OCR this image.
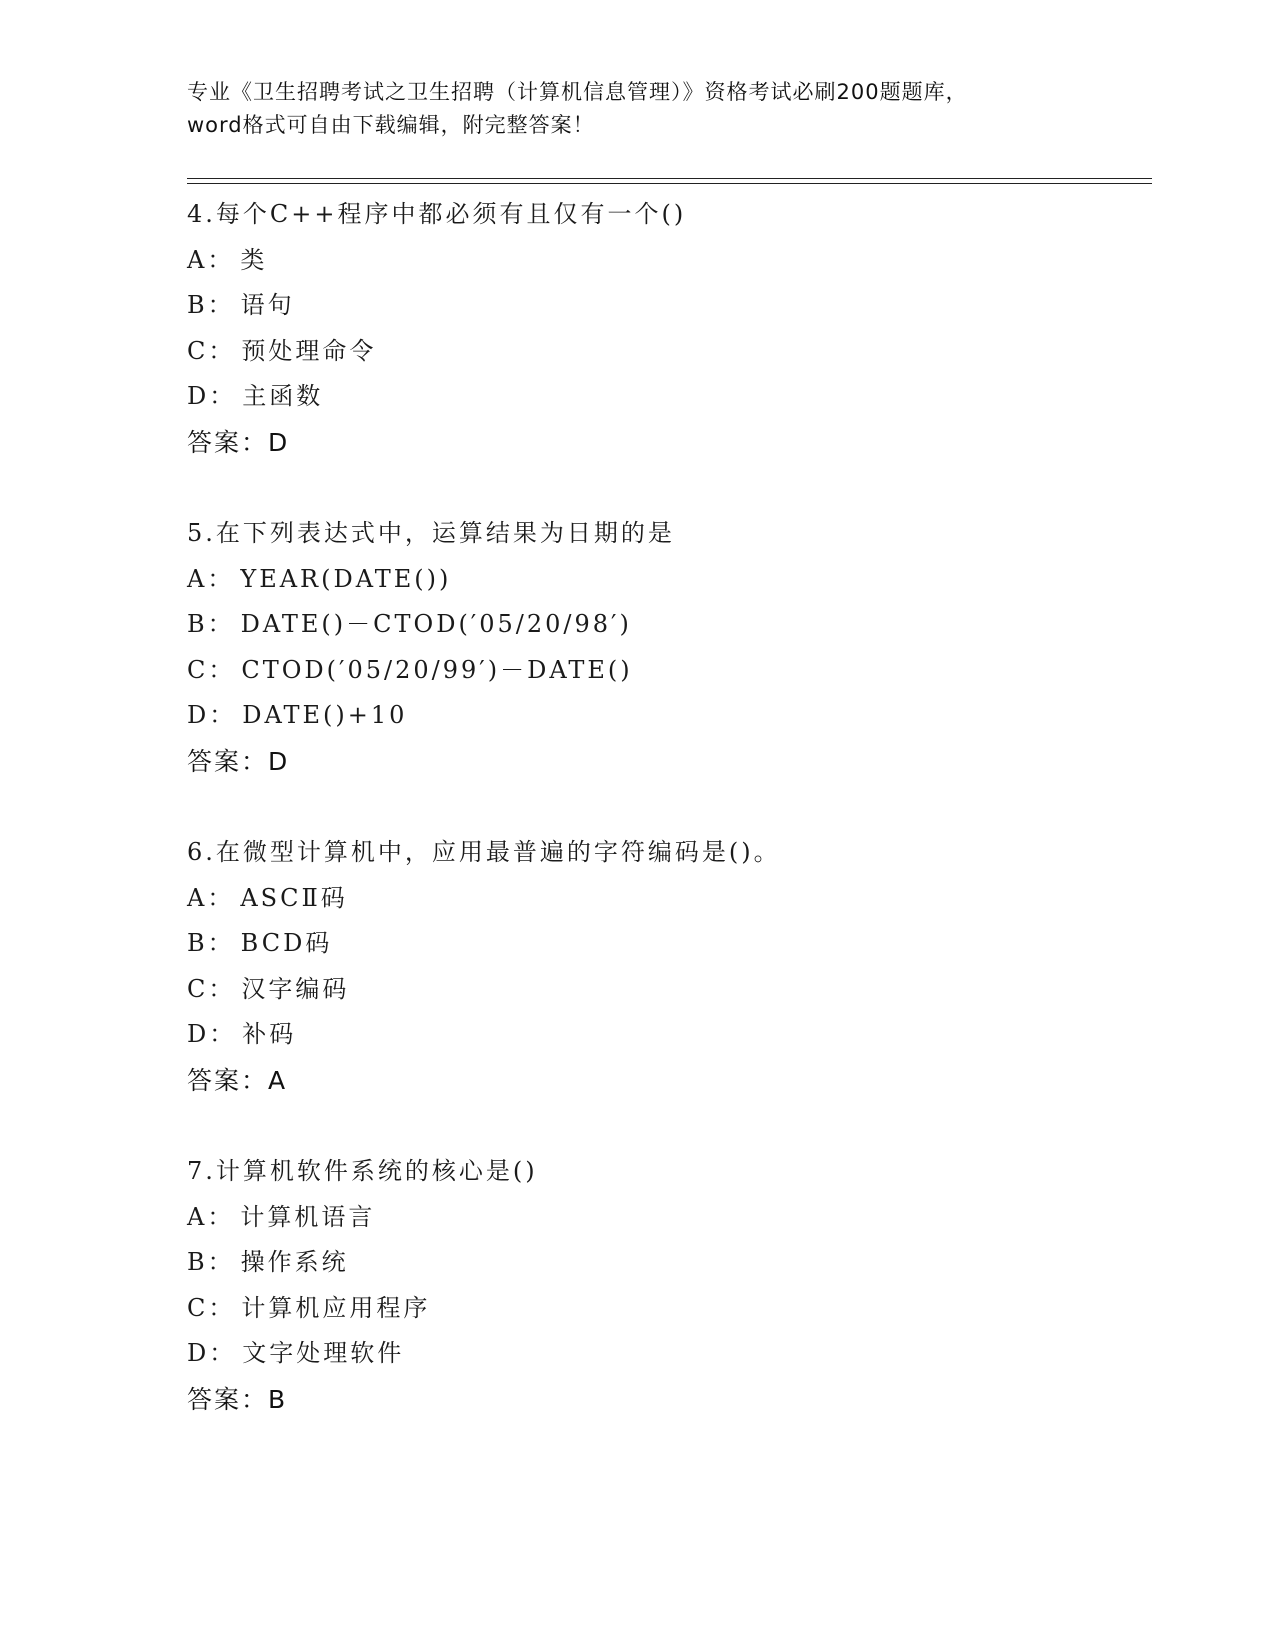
专业《卫生招聘考试之卫生招聘（计算机信息管理）》资格考试必刷200题题库，
word格式可自由下载编辑，附完整答案！
4.每个C++程序中都必须有且仅有一个()
A： 类
B： 语句
C： 预处理命令
D： 主函数
答案：D
5.在下列表达式中，运算结果为日期的是
A： YEAR(DATE())
B： DATE()－CTOD(′05/20/98′)
C： CTOD(′05/20/99′)－DATE()
D： DATE()+10
答案：D
6.在微型计算机中，应用最普遍的字符编码是()。
A： ASCⅡ码
B： BCD码
C： 汉字编码
D： 补码
答案：A
7.计算机软件系统的核心是()
A： 计算机语言
B： 操作系统
C： 计算机应用程序
D： 文字处理软件
答案：B
